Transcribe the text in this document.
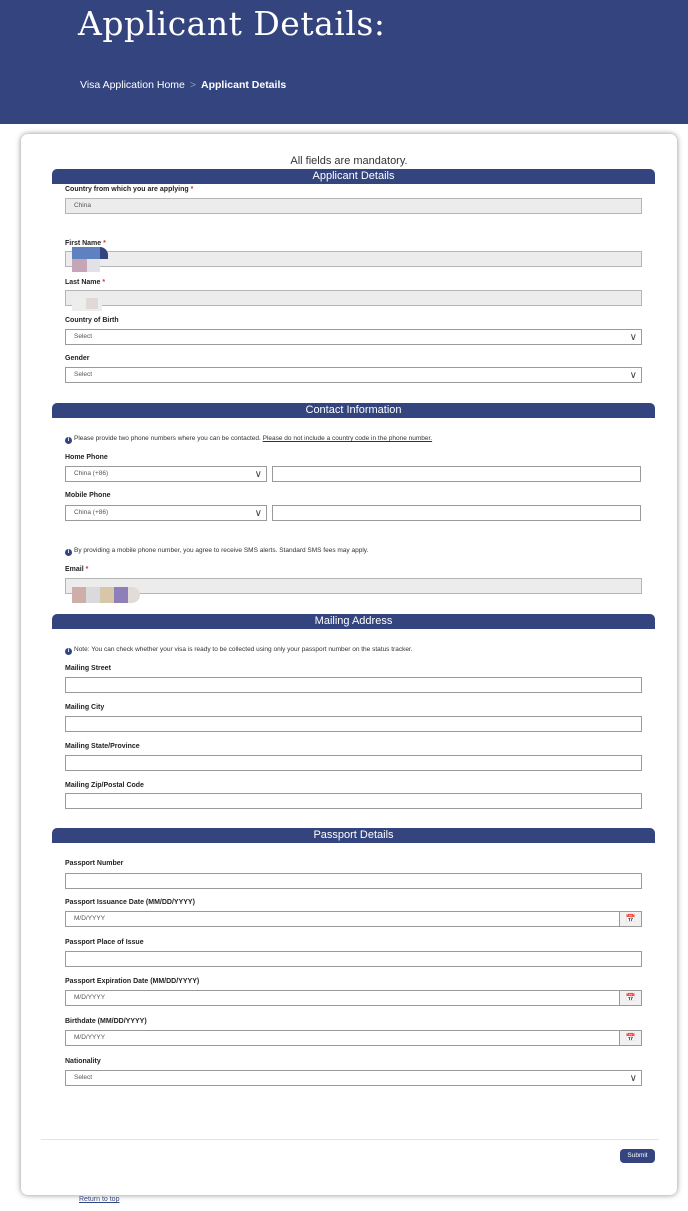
Applicant Details:
Visa Application Home > Applicant Details
All fields are mandatory.
Applicant Details
Country from which you are applying *
China
First Name *
Last Name *
Country of Birth
Select	∨
Gender
Select	∨
Contact Information
i Please provide two phone numbers where you can be contacted. Please do not include a country code in the phone number.
Home Phone
China (+86)	∨
Mobile Phone
China (+86)	∨
i By providing a mobile phone number, you agree to receive SMS alerts. Standard SMS fees may apply.
Email *
Mailing Address
i Note: You can check whether your visa is ready to be collected using only your passport number on the status tracker.
Mailing Street
Mailing City
Mailing State/Province
Mailing Zip/Postal Code
Passport Details
Passport Number
Passport Issuance Date (MM/DD/YYYY)
M/D/YYYY	📅
Passport Place of Issue
Passport Expiration Date (MM/DD/YYYY)
M/D/YYYY	📅
Birthdate (MM/DD/YYYY)
M/D/YYYY	📅
Nationality
Select	∨
Submit
Return to top
